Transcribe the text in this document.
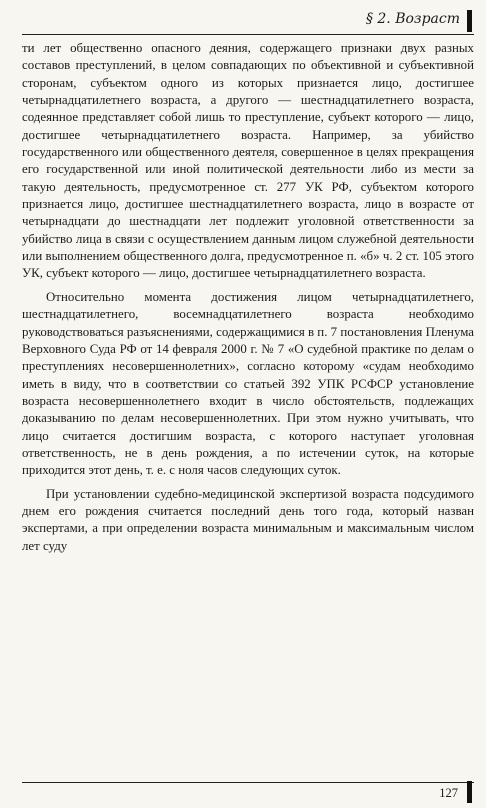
§ 2. Возраст

ти лет общественно опасного деяния, содержащего признаки двух разных составов преступлений, в целом совпадающих по объективной и субъективной сторонам, субъектом одного из которых признается лицо, достигшее четырнадцатилетнего возраста, а другого — шестнадцатилетнего возраста, содеянное представляет собой лишь то преступление, субъект которого — лицо, достигшее четырнадцатилетнего возраста. Например, за убийство государственного или общественного деятеля, совершенное в целях прекращения его государственной или иной политической деятельности либо из мести за такую деятельность, предусмотренное ст. 277 УК РФ, субъектом которого признается лицо, достигшее шестнадцатилетнего возраста, лицо в возрасте от четырнадцати до шестнадцати лет подлежит уголовной ответственности за убийство лица в связи с осуществлением данным лицом служебной деятельности или выполнением общественного долга, предусмотренное п. «б» ч. 2 ст. 105 этого УК, субъект которого — лицо, достигшее четырнадцатилетнего возраста.

Относительно момента достижения лицом четырнадцатилетнего, шестнадцатилетнего, восемнадцатилетнего возраста необходимо руководствоваться разъяснениями, содержащимися в п. 7 постановления Пленума Верховного Суда РФ от 14 февраля 2000 г. № 7 «О судебной практике по делам о преступлениях несовершеннолетних», согласно которому «судам необходимо иметь в виду, что в соответствии со статьей 392 УПК РСФСР установление возраста несовершеннолетнего входит в число обстоятельств, подлежащих доказыванию по делам несовершеннолетних. При этом нужно учитывать, что лицо считается достигшим возраста, с которого наступает уголовная ответственность, не в день рождения, а по истечении суток, на которые приходится этот день, т. е. с ноля часов следующих суток.

При установлении судебно-медицинской экспертизой возраста подсудимого днем его рождения считается последний день того года, который назван экспертами, а при определении возраста минимальным и максимальным числом лет суду

127
